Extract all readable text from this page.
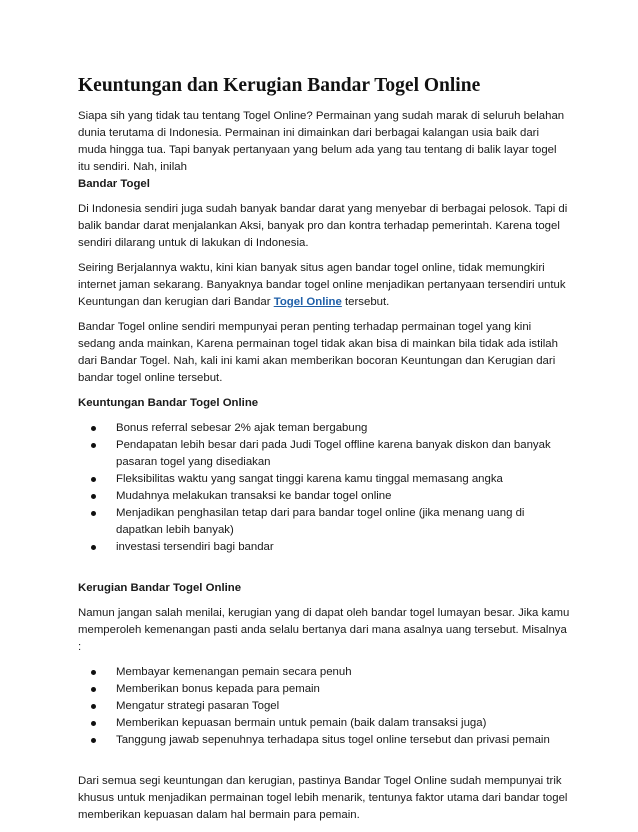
Keuntungan dan Kerugian Bandar Togel Online

Siapa sih yang tidak tau tentang Togel Online? Permainan yang sudah marak di seluruh belahan dunia terutama di Indonesia. Permainan ini dimainkan dari berbagai kalangan usia baik dari muda hingga tua. Tapi banyak pertanyaan yang belum ada yang tau tentang di balik layar togel itu sendiri. Nah, inilah
Bandar Togel

Di Indonesia sendiri juga sudah banyak bandar darat yang menyebar di berbagai pelosok. Tapi di balik bandar darat menjalankan Aksi, banyak pro dan kontra terhadap pemerintah. Karena togel sendiri dilarang untuk di lakukan di Indonesia.

Seiring Berjalannya waktu, kini kian banyak situs agen bandar togel online, tidak memungkiri internet jaman sekarang. Banyaknya bandar togel online menjadikan pertanyaan tersendiri untuk Keuntungan dan kerugian dari Bandar Togel Online tersebut.

Bandar Togel online sendiri mempunyai peran penting terhadap permainan togel yang kini sedang anda mainkan, Karena permainan togel tidak akan bisa di mainkan bila tidak ada istilah dari Bandar Togel. Nah, kali ini kami akan memberikan bocoran Keuntungan dan Kerugian dari bandar togel online tersebut.

Keuntungan Bandar Togel Online
Bonus referral sebesar 2% ajak teman bergabung
Pendapatan lebih besar dari pada Judi Togel offline karena banyak diskon dan banyak pasaran togel yang disediakan
Fleksibilitas waktu yang sangat tinggi karena kamu tinggal memasang angka
Mudahnya melakukan transaksi ke bandar togel online
Menjadikan penghasilan tetap dari para bandar togel online (jika menang uang di dapatkan lebih banyak)
investasi tersendiri bagi bandar
Kerugian Bandar Togel Online

Namun jangan salah menilai, kerugian yang di dapat oleh bandar togel lumayan besar. Jika kamu memperoleh kemenangan pasti anda selalu bertanya dari mana asalnya uang tersebut. Misalnya :

Membayar kemenangan pemain secara penuh
Memberikan bonus kepada para pemain
Mengatur strategi pasaran Togel
Memberikan kepuasan bermain untuk pemain (baik dalam transaksi juga)
Tanggung jawab sepenuhnya terhadapa situs togel online tersebut dan privasi pemain

Dari semua segi keuntungan dan kerugian, pastinya Bandar Togel Online sudah mempunyai trik khusus untuk menjadikan permainan togel lebih menarik, tentunya faktor utama dari bandar togel memberikan kepuasan dalam hal bermain para pemain.
